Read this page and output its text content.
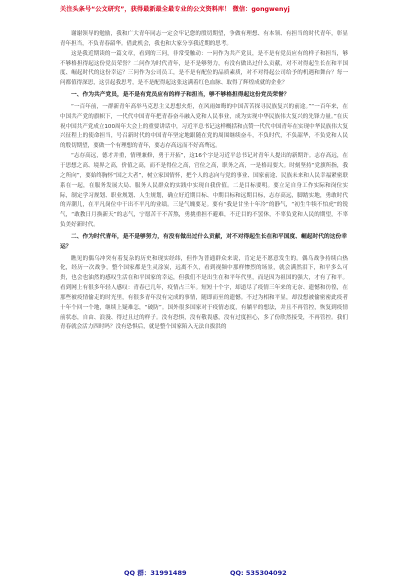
关注头条号“公文研究”，获得最新最全最专业的公文资料库！ 微信：gongwenyj

谢谢领导的勉励，我和广大青年同志一定会牢记您的殷切期望，争做有理想、有本领、有担当的时代青年，彰显青年担当，不负青春韶华。借此机会，我也和大家分享我近期的思考。

这是我近期读的一篇文章，看到的三问，非常受触动：一问作为共产党员，是不是有党员应有的样子和担当，够不够格担得起这份党员荣誉？二问作为时代青年，是不是够努力，有没有做出过什么贡献，对不对得起生长在和平国度、崛起时代的这份幸运？三问作为公司员工，是不是有配位的品质素质，对不对得起公司给予的机遇和舞台？每一问都值得深思，这引起我思考，是不是配得起这张这满着红色血脉、取得了辉煌成就的企业？

一、作为共产党员，是不是有党员应有的样子和担当，够不够格担得起这份党员荣誉？

“一百年前，一群新青年高举马克思主义思想火炬，在风雨如晦的中国苦苦探寻民族复兴的前途。”“一百年来，在中国共产党的旗帜下，一代代中国青年把青春奋斗融入党和人民事业，成为实现中华民族伟大复兴的先锋力量。”在庆祝中国共产党成立100周年大会上的重要讲话中，习近平总书记这样概括和点赞一代代中国青年在实现中华民族伟大复兴征程上的使命担当，号召新时代的中国青年坚定地跟随在党的周围继续奋斗，不负时代，不负韶华，不负党和人民的殷切期望，要做一个有理想的青年，要志存高远而不好高骛远。

“志存高远，德才并重，情理兼修，勇于开拓”，这16个字是习近平总书记对青年人提出的新期许。志存高远，在于思想之高、境界之高，价值之高，而不是得位之高，官位之高，职务之高，一是格局要大。时刻坚持“党旗所指，我之所向”，要始终胸怀“国之大者”，树立家国情怀，把个人的志向与党的事业、国家前途、民族未来和人民幸福紧密联系在一起，在服务发展大局、服务人民群众的实践中实现自我价值。二是目标要明。要立足自身工作实际和岗位实际，制定学习规划、职业规划、人生规划，确立好近期目标、中期目标和远期目标，志存高远，脚踏实地，勇敢时代的弄潮儿，在平凡岗位中干出不平凡的业绩。三是气魄要足。要有“我是甘坐十年冷”的静气，“初生牛犊不怕虎”的锐气，“敢教日月换新天”的志气，宁愿苦干不苦熬，勇挑重担不避难，不迁目的不罢休，不辜负党和人民的期望，不辜负美好新时代。

二、作为时代青年，是不是够努力，有没有做出过什么贡献，对不对得起生长在和平国度、崛起时代的这份幸运？

瞧见的偶乌冲突有着复杂的历史和现实经纬，但作为普通群众来说，肯定是不愿意发生的。偶乌战争持续白热化，经历一次战争，整个国家都是生灵涂炭，远离不久，看到视频中那样惨烈的场景，就会满然泪下，和平多么可贵，也会也油然的感叹生活在和平国家的幸运，但我们不是出生在和平年代里，而是因为祖国的强大，才有了和平。看到网上有很多年轻人感叹：青春已几年，疫情占三年。短短十个字，却道尽了疫情三年来的无奈、遗憾和彷徨，在那些被疫情偷走的时光里，有很多青年没有完成的事情，随即而至的遗憾。不过为相和平显，却没想被偷密密此疫者十年个回一个地，继续上疑难怎，“破防”。国外很多国家对于疫情态度，有躺平的想法，并且不再管控，恢复到疫情前状态，自由、浪漫、得过且过的样子。没有恐惧，没有敬畏感，没有过度担心，多了份欣然接受，不再管控。我们青春就会活力四时吗？没有恐惧后，就是整个国家陷入无法自拔洪的

QQ 群：31991489	QQ: 535304092
